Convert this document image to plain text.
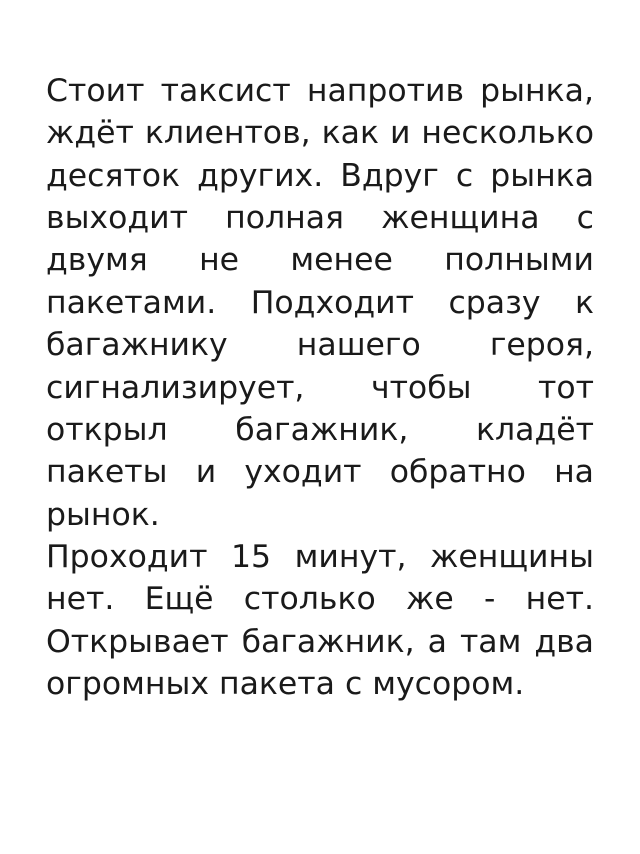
Стоит таксист напротив рынка, ждёт клиентов, как и несколько десяток других. Вдруг с рынка выходит полная женщина с двумя не менее полными пакетами. Подходит сразу к багажнику нашего героя, сигнализирует, чтобы тот открыл багажник, кладёт пакеты и уходит обратно на рынок.

Проходит 15 минут, женщины нет. Ещё столько же - нет. Открывает багажник, а там два огромных пакета с мусором.
